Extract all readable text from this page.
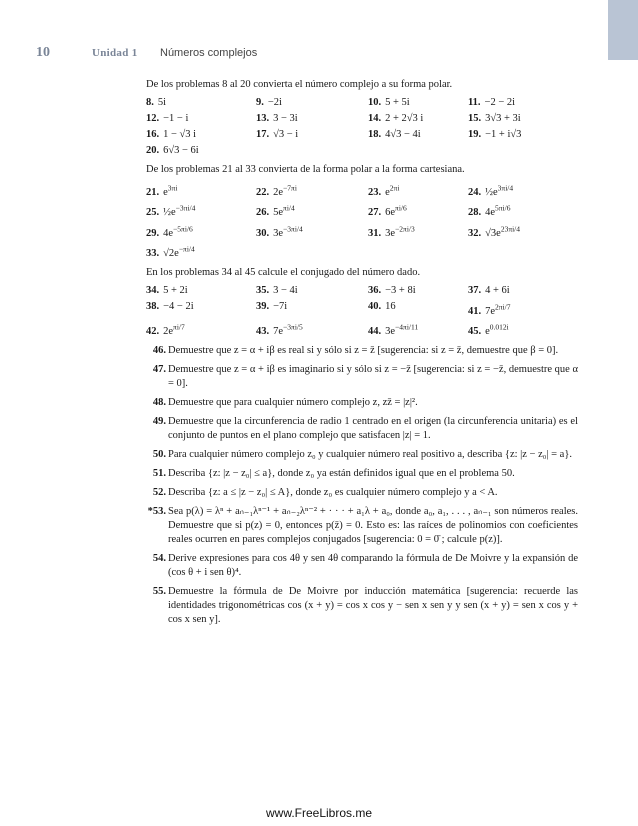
10	Unidad 1 Números complejos

De los problemas 8 al 20 convierta el número complejo a su forma polar.

8. 5i	9. −2i	10. 5 + 5i	11. −2 − 2i
12. −1 − i	13. 3 − 3i	14. 2 + 2√3 i	15. 3√3 + 3i
16. 1 − √3 i	17. √3 − i	18. 4√3 − 4i	19. −1 + i√3
20. 6√3 − 6i

De los problemas 21 al 33 convierta de la forma polar a la forma cartesiana.

21. $e^{3\pi i}$	22. $2e^{-7\pi i}$	23. $e^{2\pi i}$	24. $\frac{1}{2}e^{3\pi i/4}$
25. $\frac{1}{2}e^{-3\pi i/4}$	26. $5e^{\pi i/4}$	27. $6e^{\pi i/6}$	28. $4e^{5\pi i/6}$
29. $4e^{-5\pi i/6}$	30. $3e^{-3\pi i/4}$	31. $3e^{-2\pi i/3}$	32. $√3e^{23\pi i/4}$
33. $√2e^{-\pi i/4}$

En los problemas 34 al 45 calcule el conjugado del número dado.

34. 5 + 2i	35. 3 − 4i	36. −3 + 8i	37. 4 + 6i
38. −4 − 2i	39. −7i	40. 16	41. $7e^{2\pi i/7}$
42. $2e^{\pi i/7}$	43. $7e^{-3\pi i/5}$	44. $3e^{-4\pi i/11}$	45. $e^{0.012i}$

46. Demuestre que z = α + iβ es real si y sólo si z = z̄ [sugerencia: si z = z̄, demuestre que β = 0].

47. Demuestre que z = α + iβ es imaginario si y sólo si z = −z̄ [sugerencia: si z = −z̄, demuestre que α = 0].

48. Demuestre que para cualquier número complejo z, zz̄ = |z|².

49. Demuestre que la circunferencia de radio 1 centrado en el origen (la circunferencia unitaria) es el conjunto de puntos en el plano complejo que satisfacen |z| = 1.

50. Para cualquier número complejo z₀ y cualquier número real positivo a, describa {z: |z − z₀| = a}.

51. Describa {z: |z − z₀| ≤ a}, donde z₀ ya están definidos igual que en el problema 50.

52. Describa {z: a ≤ |z − z₀| ≤ A}, donde z₀ es cualquier número complejo y a < A.

*53. Sea p(λ) = λⁿ + aₙ₋₁λⁿ⁻¹ + aₙ₋₂λⁿ⁻² + · · · + a₁λ + a₀, donde a₀, a₁, . . . , aₙ₋₁ son números reales. Demuestre que si p(z) = 0, entonces p(z̄) = 0. Esto es: las raíces de polinomios con coeficientes reales ocurren en pares complejos conjugados [sugerencia: 0 = 0̄ ; calcule p(z)].

54. Derive expresiones para cos 4θ y sen 4θ comparando la fórmula de De Moivre y la expansión de (cos θ + i sen θ)⁴.

55. Demuestre la fórmula de De Moivre por inducción matemática [sugerencia: recuerde las identidades trigonométricas cos (x + y) = cos x cos y − sen x sen y y sen (x + y) = sen x cos y + cos x sen y].

www.FreeLibros.me
